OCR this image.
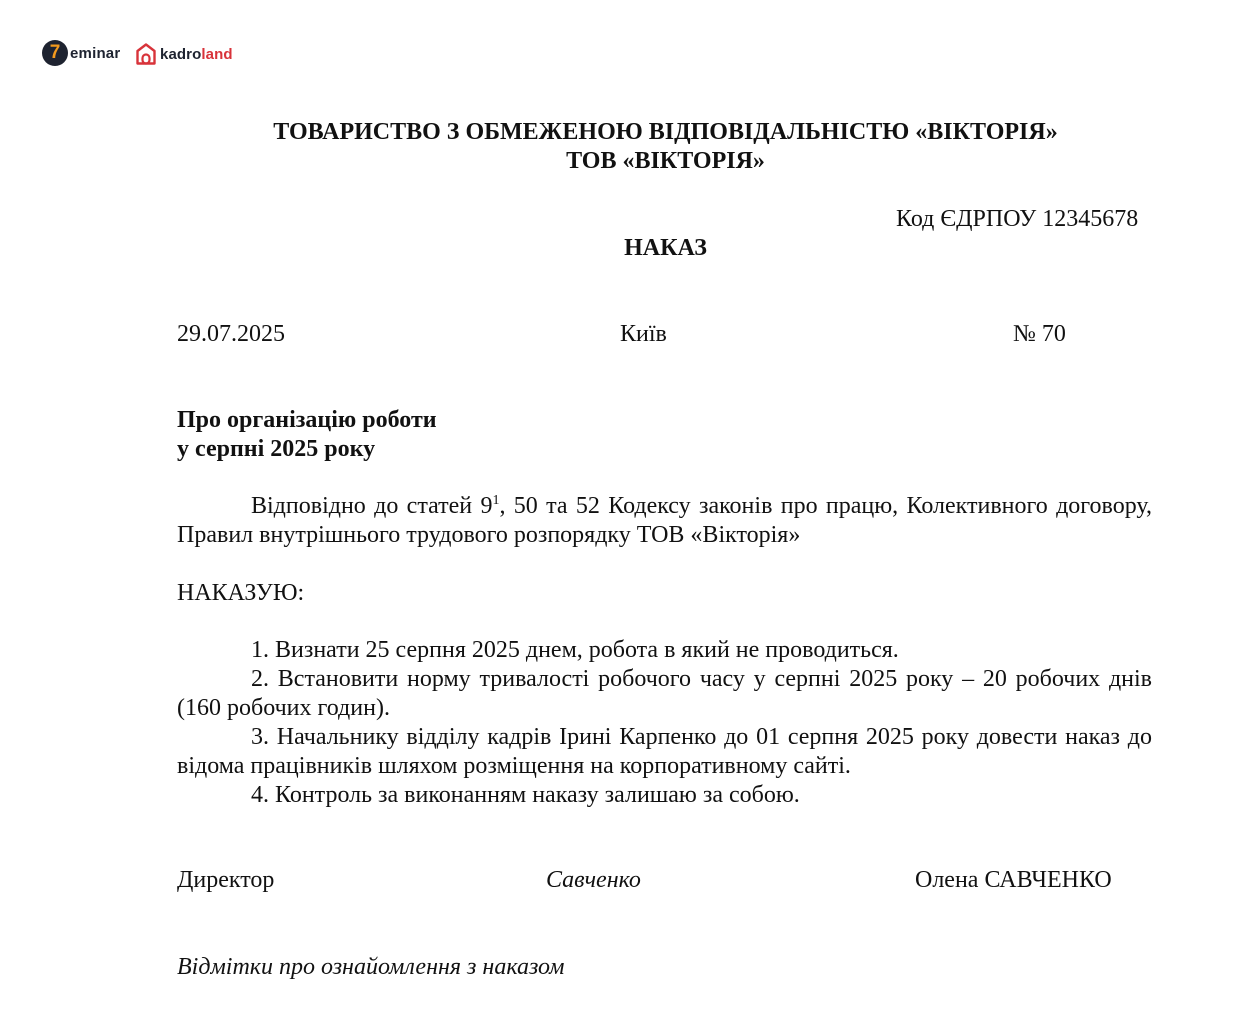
7 eminar	kadroland
ТОВАРИСТВО З ОБМЕЖЕНОЮ ВІДПОВІДАЛЬНІСТЮ «ВІКТОРІЯ»
ТОВ «ВІКТОРІЯ»
Код ЄДРПОУ 12345678
НАКАЗ
29.07.2025	Київ	№ 70
Про організацію роботи
у серпні 2025 року
Відповідно до статей $9^1$, 50 та 52 Кодексу законів про працю, Колективного договору, Правил внутрішнього трудового розпорядку ТОВ «Вікторія»
НАКАЗУЮ:
1. Визнати 25 серпня 2025 днем, робота в який не проводиться.
2. Встановити норму тривалості робочого часу у серпні 2025 року – 20 робочих днів (160 робочих годин).
3. Начальнику відділу кадрів Ірині Карпенко до 01 серпня 2025 року довести наказ до відома працівників шляхом розміщення на корпоративному сайті.
4. Контроль за виконанням наказу залишаю за собою.
Директор	Савченко	Олена САВЧЕНКО
Відмітки про ознайомлення з наказом
